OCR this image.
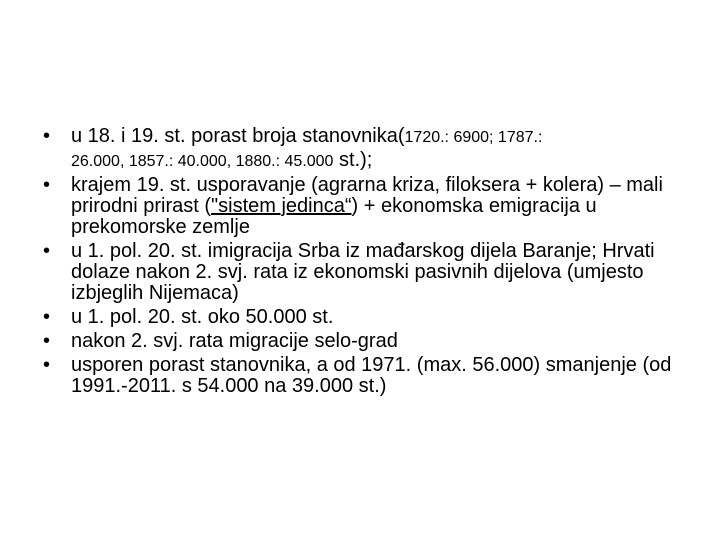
• u 18. i 19. st. porast broja stanovnika(1720.: 6900; 1787.:
26.000, 1857.: 40.000, 1880.: 45.000 st.);
• krajem 19. st. usporavanje (agrarna kriza, filoksera + kolera) – mali prirodni prirast ("sistem jedinca“) + ekonomska emigracija u prekomorske zemlje
• u 1. pol. 20. st. imigracija Srba iz mađarskog dijela Baranje; Hrvati dolaze nakon 2. svj. rata iz ekonomski pasivnih dijelova (umjesto izbjeglih Nijemaca)
• u 1. pol. 20. st. oko 50.000 st.
• nakon 2. svj. rata migracije selo-grad
• usporen porast stanovnika, a od 1971. (max. 56.000) smanjenje (od 1991.-2011. s 54.000 na 39.000 st.)
